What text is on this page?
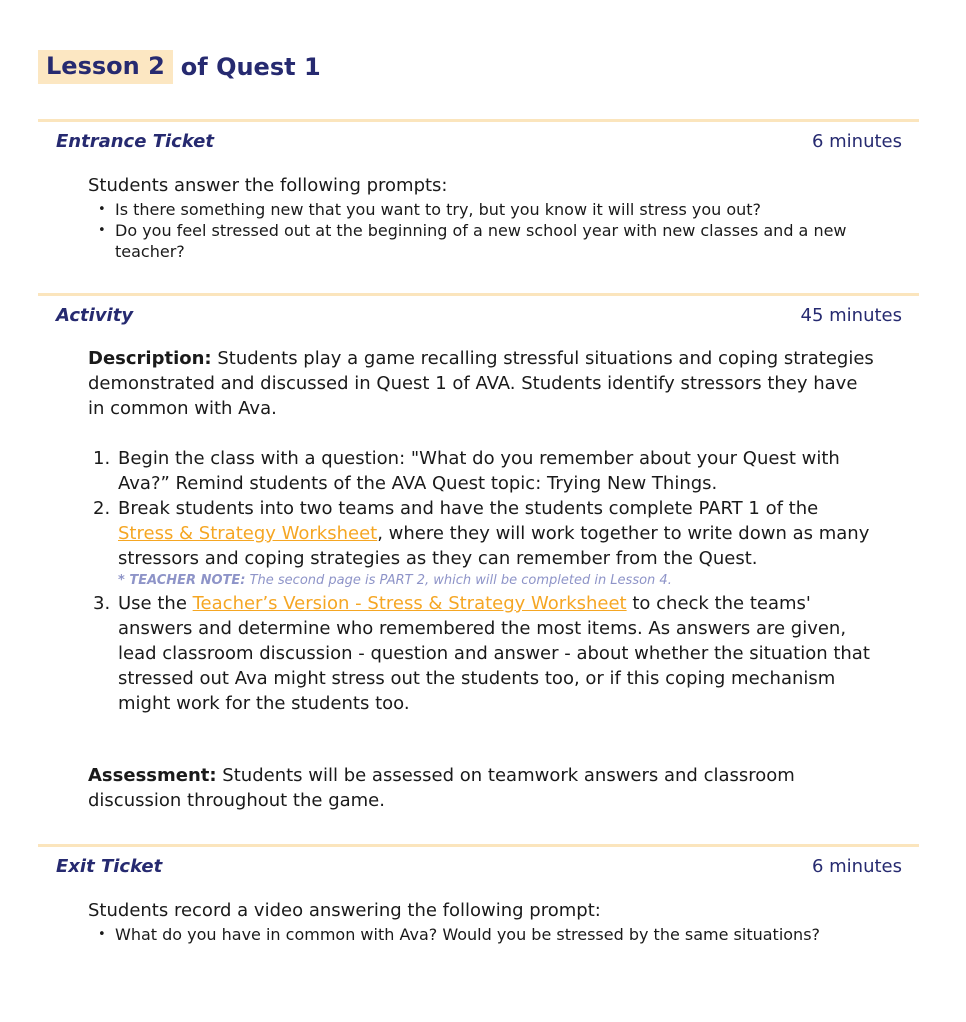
Lesson 2 of Quest 1
Entrance Ticket	6 minutes
Students answer the following prompts:
• Is there something new that you want to try, but you know it will stress you out?
• Do you feel stressed out at the beginning of a new school year with new classes and a new teacher?
Activity	45 minutes
Description: Students play a game recalling stressful situations and coping strategies demonstrated and discussed in Quest 1 of AVA. Students identify stressors they have in common with Ava.
1. Begin the class with a question: "What do you remember about your Quest with Ava?” Remind students of the AVA Quest topic: Trying New Things.
2. Break students into two teams and have the students complete PART 1 of the Stress & Strategy Worksheet, where they will work together to write down as many stressors and coping strategies as they can remember from the Quest.
* TEACHER NOTE: The second page is PART 2, which will be completed in Lesson 4.
3. Use the Teacher’s Version - Stress & Strategy Worksheet to check the teams' answers and determine who remembered the most items. As answers are given, lead classroom discussion - question and answer - about whether the situation that stressed out Ava might stress out the students too, or if this coping mechanism might work for the students too.
Assessment: Students will be assessed on teamwork answers and classroom discussion throughout the game.
Exit Ticket	6 minutes
Students record a video answering the following prompt:
• What do you have in common with Ava? Would you be stressed by the same situations?
